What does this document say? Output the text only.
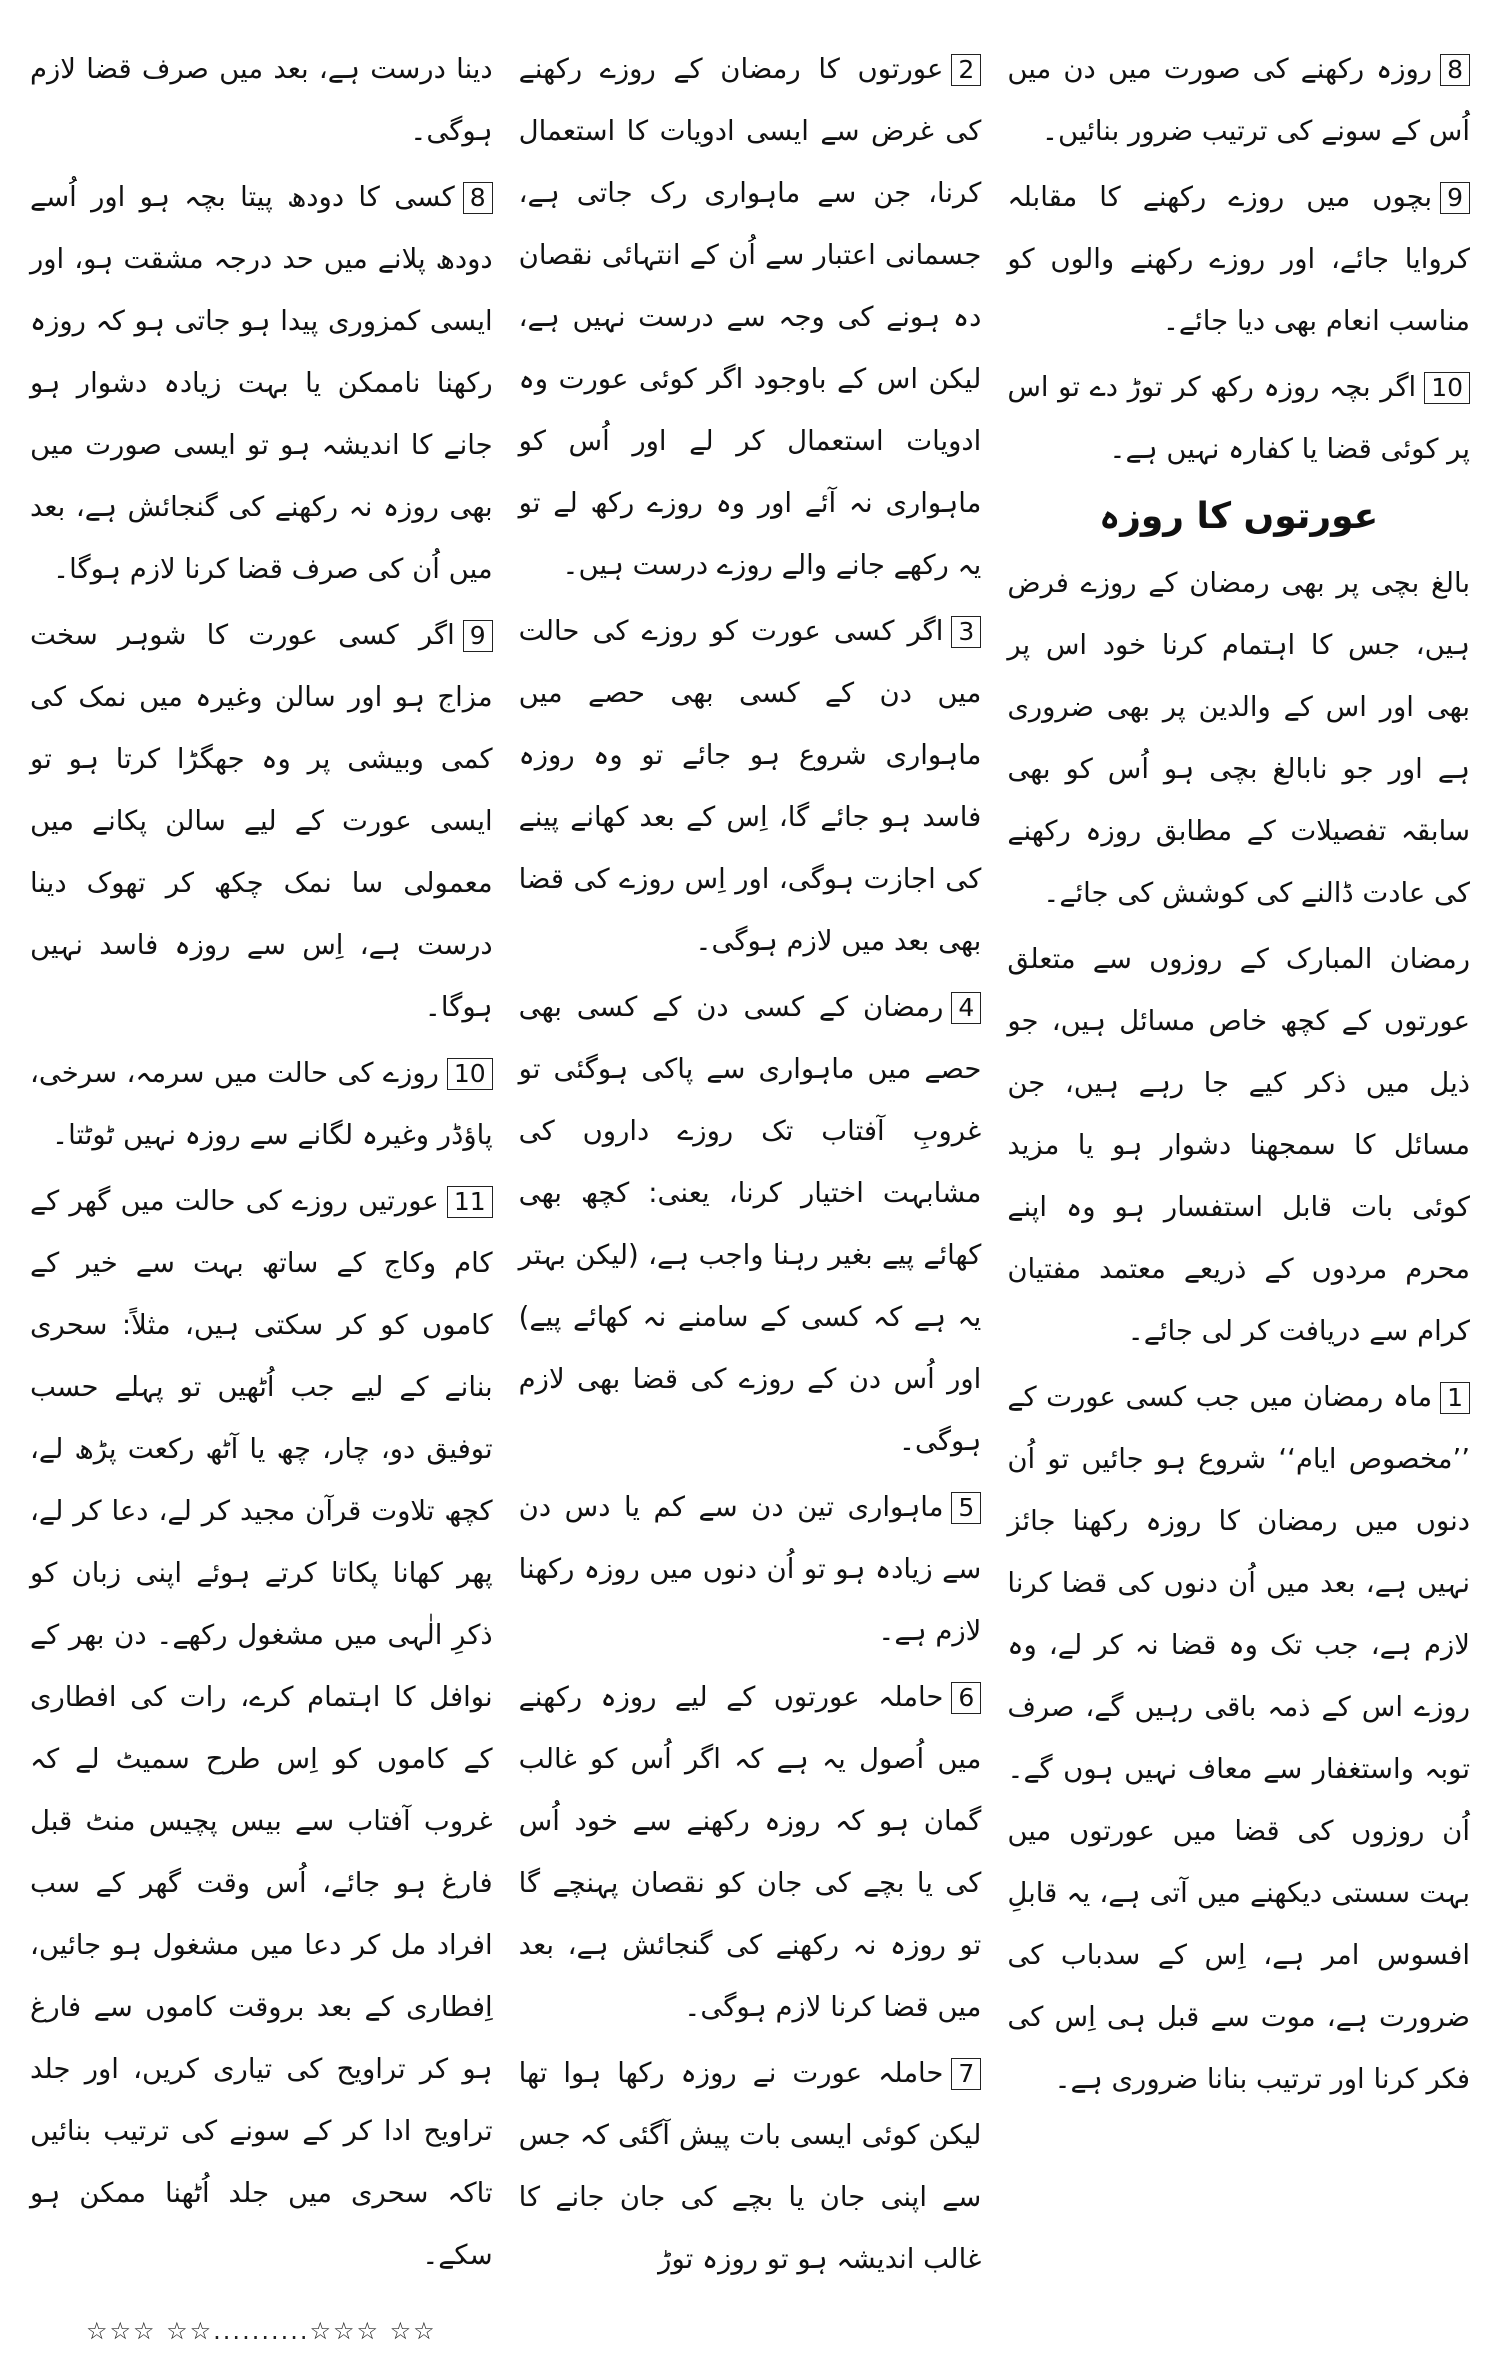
8روزہ رکھنے کی صورت میں دن میں اُس کے سونے کی ترتیب ضرور بنائیں۔

9بچوں میں روزے رکھنے کا مقابلہ کروایا جائے، اور روزے رکھنے والوں کو مناسب انعام بھی دیا جائے۔

10اگر بچہ روزہ رکھ کر توڑ دے تو اس پر کوئی قضا یا کفارہ نہیں ہے۔

عورتوں کا روزہ

بالغ بچی پر بھی رمضان کے روزے فرض ہیں، جس کا اہتمام کرنا خود اس پر بھی اور اس کے والدین پر بھی ضروری ہے اور جو نابالغ بچی ہو اُس کو بھی سابقہ تفصیلات کے مطابق روزہ رکھنے کی عادت ڈالنے کی کوشش کی جائے۔

رمضان المبارک کے روزوں سے متعلق عورتوں کے کچھ خاص مسائل ہیں، جو ذیل میں ذکر کیے جا رہے ہیں، جن مسائل کا سمجھنا دشوار ہو یا مزید کوئی بات قابل استفسار ہو وہ اپنے محرم مردوں کے ذریعے معتمد مفتیان کرام سے دریافت کر لی جائے۔

1ماہ رمضان میں جب کسی عورت کے ’’مخصوص ایام‘‘ شروع ہو جائیں تو اُن دنوں میں رمضان کا روزہ رکھنا جائز نہیں ہے، بعد میں اُن دنوں کی قضا کرنا لازم ہے، جب تک وہ قضا نہ کر لے، وہ روزے اس کے ذمہ باقی رہیں گے، صرف توبہ واستغفار سے معاف نہیں ہوں گے۔ اُن روزوں کی قضا میں عورتوں میں بہت سستی دیکھنے میں آتی ہے، یہ قابلِ افسوس امر ہے، اِس کے سدباب کی ضرورت ہے، موت سے قبل ہی اِس کی فکر کرنا اور ترتیب بنانا ضروری ہے۔

2عورتوں کا رمضان کے روزے رکھنے کی غرض سے ایسی ادویات کا استعمال کرنا، جن سے ماہواری رک جاتی ہے، جسمانی اعتبار سے اُن کے انتہائی نقصان دہ ہونے کی وجہ سے درست نہیں ہے، لیکن اس کے باوجود اگر کوئی عورت وہ ادویات استعمال کر لے اور اُس کو ماہواری نہ آئے اور وہ روزے رکھ لے تو یہ رکھے جانے والے روزے درست ہیں۔

3اگر کسی عورت کو روزے کی حالت میں دن کے کسی بھی حصے میں ماہواری شروع ہو جائے تو وہ روزہ فاسد ہو جائے گا، اِس کے بعد کھانے پینے کی اجازت ہوگی، اور اِس روزے کی قضا بھی بعد میں لازم ہوگی۔

4رمضان کے کسی دن کے کسی بھی حصے میں ماہواری سے پاکی ہوگئی تو غروبِ آفتاب تک روزے داروں کی مشابہت اختیار کرنا، یعنی: کچھ بھی کھائے پیے بغیر رہنا واجب ہے، (لیکن بہتر یہ ہے کہ کسی کے سامنے نہ کھائے پیے) اور اُس دن کے روزے کی قضا بھی لازم ہوگی۔

5ماہواری تین دن سے کم یا دس دن سے زیادہ ہو تو اُن دنوں میں روزہ رکھنا لازم ہے۔

6حاملہ عورتوں کے لیے روزہ رکھنے میں اُصول یہ ہے کہ اگر اُس کو غالب گمان ہو کہ روزہ رکھنے سے خود اُس کی یا بچے کی جان کو نقصان پہنچے گا تو روزہ نہ رکھنے کی گنجائش ہے، بعد میں قضا کرنا لازم ہوگی۔

7حاملہ عورت نے روزہ رکھا ہوا تھا لیکن کوئی ایسی بات پیش آگئی کہ جس سے اپنی جان یا بچے کی جان جانے کا غالب اندیشہ ہو تو روزہ توڑ

دینا درست ہے، بعد میں صرف قضا لازم ہوگی۔

8کسی کا دودھ پیتا بچہ ہو اور اُسے دودھ پلانے میں حد درجہ مشقت ہو، اور ایسی کمزوری پیدا ہو جاتی ہو کہ روزہ رکھنا ناممکن یا بہت زیادہ دشوار ہو جانے کا اندیشہ ہو تو ایسی صورت میں بھی روزہ نہ رکھنے کی گنجائش ہے، بعد میں اُن کی صرف قضا کرنا لازم ہوگا۔

9اگر کسی عورت کا شوہر سخت مزاج ہو اور سالن وغیرہ میں نمک کی کمی وبیشی پر وہ جھگڑا کرتا ہو تو ایسی عورت کے لیے سالن پکانے میں معمولی سا نمک چکھ کر تھوک دینا درست ہے، اِس سے روزہ فاسد نہیں ہوگا۔

10روزے کی حالت میں سرمہ، سرخی، پاؤڈر وغیرہ لگانے سے روزہ نہیں ٹوٹتا۔

11عورتیں روزے کی حالت میں گھر کے کام وکاج کے ساتھ بہت سے خیر کے کاموں کو کر سکتی ہیں، مثلاً: سحری بنانے کے لیے جب اُٹھیں تو پہلے حسب توفیق دو، چار، چھ یا آٹھ رکعت پڑھ لے، کچھ تلاوت قرآن مجید کر لے، دعا کر لے، پھر کھانا پکاتا کرتے ہوئے اپنی زبان کو ذکرِ الٰہی میں مشغول رکھے۔ دن بھر کے نوافل کا اہتمام کرے، رات کی افطاری کے کاموں کو اِس طرح سمیٹ لے کہ غروب آفتاب سے بیس پچیس منٹ قبل فارغ ہو جائے، اُس وقت گھر کے سب افراد مل کر دعا میں مشغول ہو جائیں، اِفطاری کے بعد بروقت کاموں سے فارغ ہو کر تراویح کی تیاری کریں، اور جلد تراویح ادا کر کے سونے کی ترتیب بنائیں تاکہ سحری میں جلد اُٹھنا ممکن ہو سکے۔

☆☆☆ ☆☆..........☆☆☆ ☆☆
